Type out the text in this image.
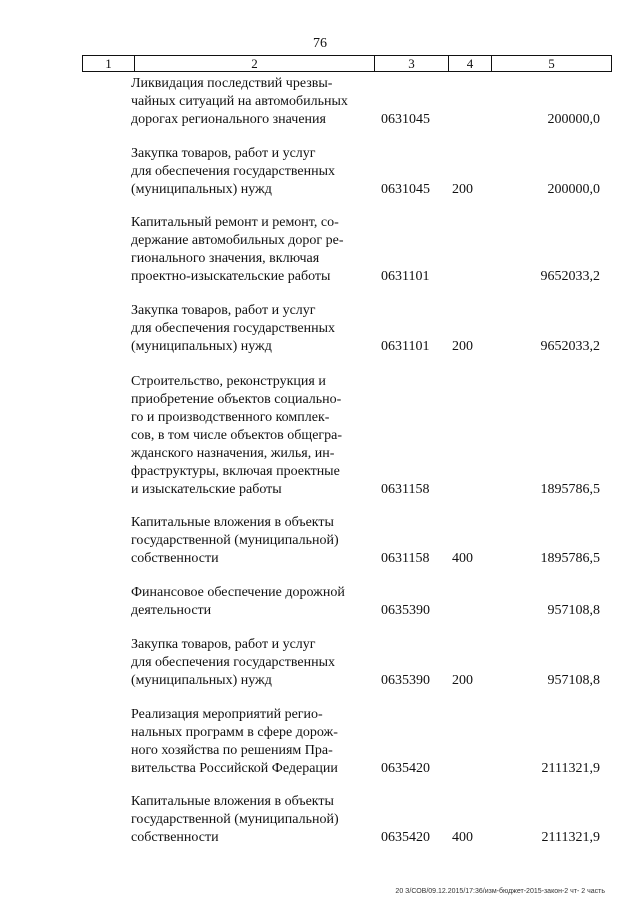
76
1	2	3	4	5
Ликвидация последствий чрезвы-
чайных ситуаций на автомобильных
дорогах регионального значения	0631045	200000,0
Закупка товаров, работ и услуг
для обеспечения государственных
(муниципальных) нужд	0631045 200	200000,0
Капитальный ремонт и ремонт, со-
держание автомобильных дорог ре-
гионального значения, включая
проектно-изыскательские работы	0631101	9652033,2
Закупка товаров, работ и услуг
для обеспечения государственных
(муниципальных) нужд	0631101 200	9652033,2
Строительство, реконструкция и
приобретение объектов социально-
го и производственного комплек-
сов, в том числе объектов общегра-
жданского назначения, жилья, ин-
фраструктуры, включая проектные
и изыскательские работы	0631158	1895786,5
Капитальные вложения в объекты
государственной (муниципальной)
собственности	0631158 400	1895786,5
Финансовое обеспечение дорожной
деятельности	0635390	957108,8
Закупка товаров, работ и услуг
для обеспечения государственных
(муниципальных) нужд	0635390 200	957108,8
Реализация мероприятий регио-
нальных программ в сфере дорож-
ного хозяйства по решениям Пра-
вительства Российской Федерации	0635420	2111321,9
Капитальные вложения в объекты
государственной (муниципальной)
собственности	0635420 400	2111321,9
20 З/СОВ/09.12.2015/17:36/изм-бюджет-2015-закон-2 чт- 2 часть
